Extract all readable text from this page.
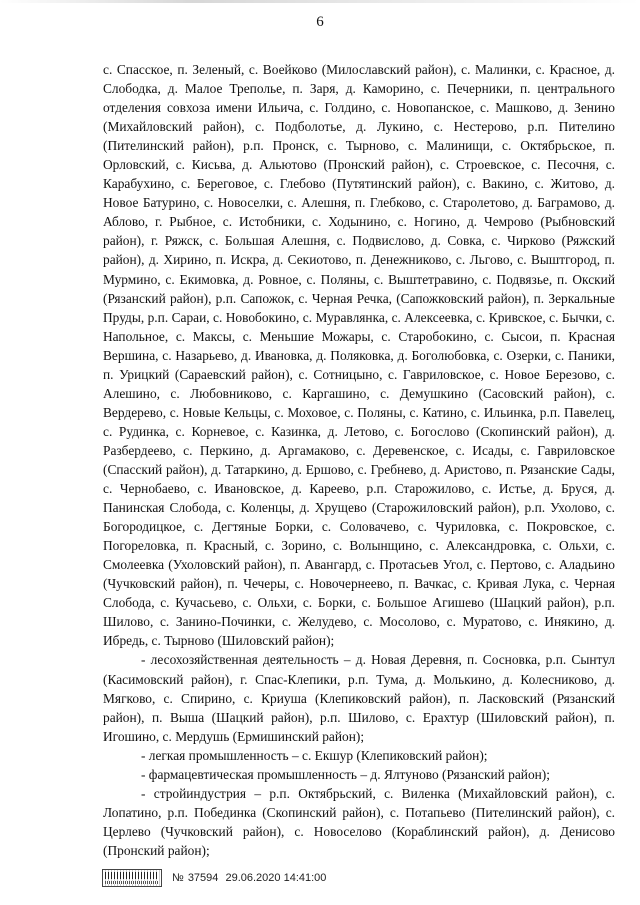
6

с. Спасское, п. Зеленый, с. Воейково (Милославский район), с. Малинки, с. Красное, д. Слободка, д. Малое Треполье, п. Заря, д. Каморино, с. Печерники, п. центрального отделения совхоза имени Ильича, с. Голдино, с. Новопанское, с. Машково, д. Зенино (Михайловский район), с. Подболотье, д. Лукино, с. Нестерово, р.п. Пителино (Пителинский район), р.п. Пронск, с. Тырново, с. Малинищи, с. Октябрьское, п. Орловский, с. Кисьва, д. Альютово (Пронский район), с. Строевское, с. Песочня, с. Карабухино, с. Береговое, с. Глебово (Путятинский район), с. Вакино, с. Житово, д. Новое Батурино, с. Новоселки, с. Алешня, п. Глебково, с. Старолетово, д. Баграмово, д. Аблово, г. Рыбное, с. Истобники, с. Ходынино, с. Ногино, д. Чемрово (Рыбновский район), г. Ряжск, с. Большая Алешня, с. Подвислово, д. Совка, с. Чирково (Ряжский район), д. Хирино, п. Искра, д. Секиотово, п. Денежниково, с. Льгово, с. Выштгород, п. Мурмино, с. Екимовка, д. Ровное, с. Поляны, с. Выштетравино, с. Подвязье, п. Окский (Рязанский район), р.п. Сапожок, с. Черная Речка, (Сапожковский район), п. Зеркальные Пруды, р.п. Сараи, с. Новобокино, с. Муравлянка, с. Алексеевка, с. Кривское, с. Бычки, с. Напольное, с. Максы, с. Меньшие Можары, с. Старобокино, с. Сысои, п. Красная Вершина, с. Назарьево, д. Ивановка, д. Поляковка, д. Боголюбовка, с. Озерки, с. Паники, п. Урицкий (Сараевский район), с. Сотницыно, с. Гавриловское, с. Новое Березово, с. Алешино, с. Любовниково, с. Каргашино, с. Демушкино (Сасовский район), с. Вердерево, с. Новые Кельцы, с. Моховое, с. Поляны, с. Катино, с. Ильинка, р.п. Павелец, с. Рудинка, с. Корневое, с. Казинка, д. Летово, с. Богослово (Скопинский район), д. Разбердеево, с. Перкино, д. Аргамаково, с. Деревенское, с. Исады, с. Гавриловское (Спасский район), д. Татаркино, д. Ершово, с. Гребнево, д. Аристово, п. Рязанские Сады, с. Чернобаево, с. Ивановское, д. Кареево, р.п. Старожилово, с. Истье, д. Бруся, д. Панинская Слобода, с. Коленцы, д. Хрущево (Старожиловский район), р.п. Ухолово, с. Богородицкое, с. Дегтяные Борки, с. Соловачево, с. Чуриловка, с. Покровское, с. Погореловка, п. Красный, с. Зорино, с. Волынщино, с. Александровка, с. Ольхи, с. Смолеевка (Ухоловский район), п. Авангард, с. Протасьев Угол, с. Пертово, с. Аладьино (Чучковский район), п. Чечеры, с. Новочернеево, п. Вачкас, с. Кривая Лука, с. Черная Слобода, с. Кучасьево, с. Ольхи, с. Борки, с. Большое Агишево (Шацкий район), р.п. Шилово, с. Занино-Починки, с. Желудево, с. Мосолово, с. Муратово, с. Инякино, д. Ибредь, с. Тырново (Шиловский район);

- лесохозяйственная деятельность – д. Новая Деревня, п. Сосновка, р.п. Сынтул (Касимовский район), г. Спас-Клепики, р.п. Тума, д. Молькино, д. Колесниково, д. Мягково, с. Спирино, с. Криуша (Клепиковский район), п. Ласковский (Рязанский район), п. Выша (Шацкий район), р.п. Шилово, с. Ерахтур (Шиловский район), п. Игошино, с. Мердушь (Ермишинский район);

- легкая промышленность – с. Екшур (Клепиковский район);

- фармацевтическая промышленность – д. Ялтуново (Рязанский район);

- стройиндустрия – р.п. Октябрьский, с. Виленка (Михайловский район), с. Лопатино, р.п. Побединка (Скопинский район), с. Потапьево (Пителинский район), с. Церлево (Чучковский район), с. Новоселово (Кораблинский район), д. Денисово (Пронский район);

№ 37594 29.06.2020 14:41:00
